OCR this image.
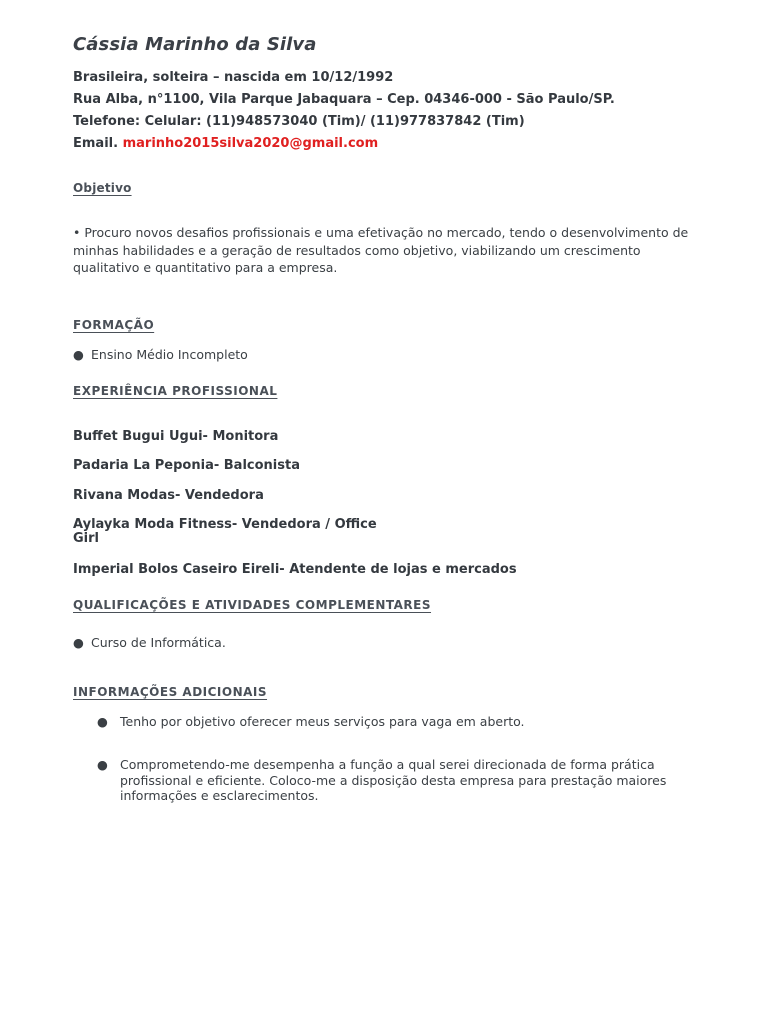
Cássia Marinho da Silva
Brasileira, solteira – nascida em 10/12/1992
Rua Alba, n°1100, Vila Parque Jabaquara – Cep. 04346-000 - São Paulo/SP.
Telefone: Celular: (11)948573040 (Tim)/ (11)977837842 (Tim)
Email. marinho2015silva2020@gmail.com
Objetivo
• Procuro novos desafios profissionais e uma efetivação no mercado, tendo o desenvolvimento de minhas habilidades e a geração de resultados como objetivo, viabilizando um crescimento qualitativo e quantitativo para a empresa.
FORMAÇÃO
● Ensino Médio Incompleto
EXPERIÊNCIA PROFISSIONAL
Buffet Bugui Ugui- Monitora
Padaria La Peponia- Balconista
Rivana Modas- Vendedora
Aylayka Moda Fitness- Vendedora / Office Girl
Imperial Bolos Caseiro Eireli- Atendente de lojas e mercados
QUALIFICAÇÕES E ATIVIDADES COMPLEMENTARES
● Curso de Informática.
INFORMAÇÕES ADICIONAIS
● Tenho por objetivo oferecer meus serviços para vaga em aberto.
● Comprometendo-me desempenha a função a qual serei direcionada de forma prática profissional e eficiente. Coloco-me a disposição desta empresa para prestação maiores informações e esclarecimentos.
